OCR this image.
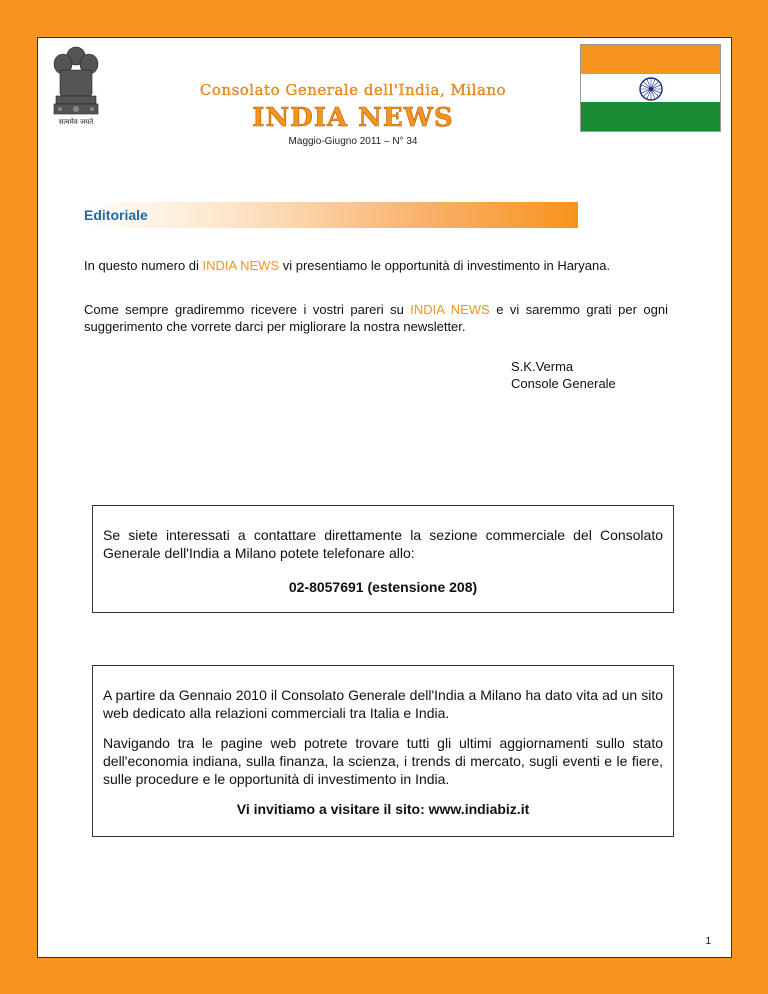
सत्यमेव जयते
Consolato Generale dell'India, Milano
INDIA NEWS
Maggio-Giugno 2011 – N° 34
Editoriale

In questo numero di INDIA NEWS vi presentiamo le opportunità di investimento in Haryana.

Come sempre gradiremmo ricevere i vostri pareri su INDIA NEWS e vi saremmo grati per ogni suggerimento che vorrete darci per migliorare la nostra newsletter.

S.K.Verma
Console Generale

Se siete interessati a contattare direttamente la sezione commerciale del Consolato Generale dell'India a Milano potete telefonare allo:

02-8057691 (estensione 208)

A partire da Gennaio 2010 il Consolato Generale dell'India a Milano ha dato vita ad un sito web dedicato alla relazioni commerciali tra Italia e India.

Navigando tra le pagine web potrete trovare tutti gli ultimi aggiornamenti sullo stato dell'economia indiana, sulla finanza, la scienza, i trends di mercato, sugli eventi e le fiere, sulle procedure e le opportunità di investimento in India.

Vi invitiamo a visitare il sito: www.indiabiz.it

1
